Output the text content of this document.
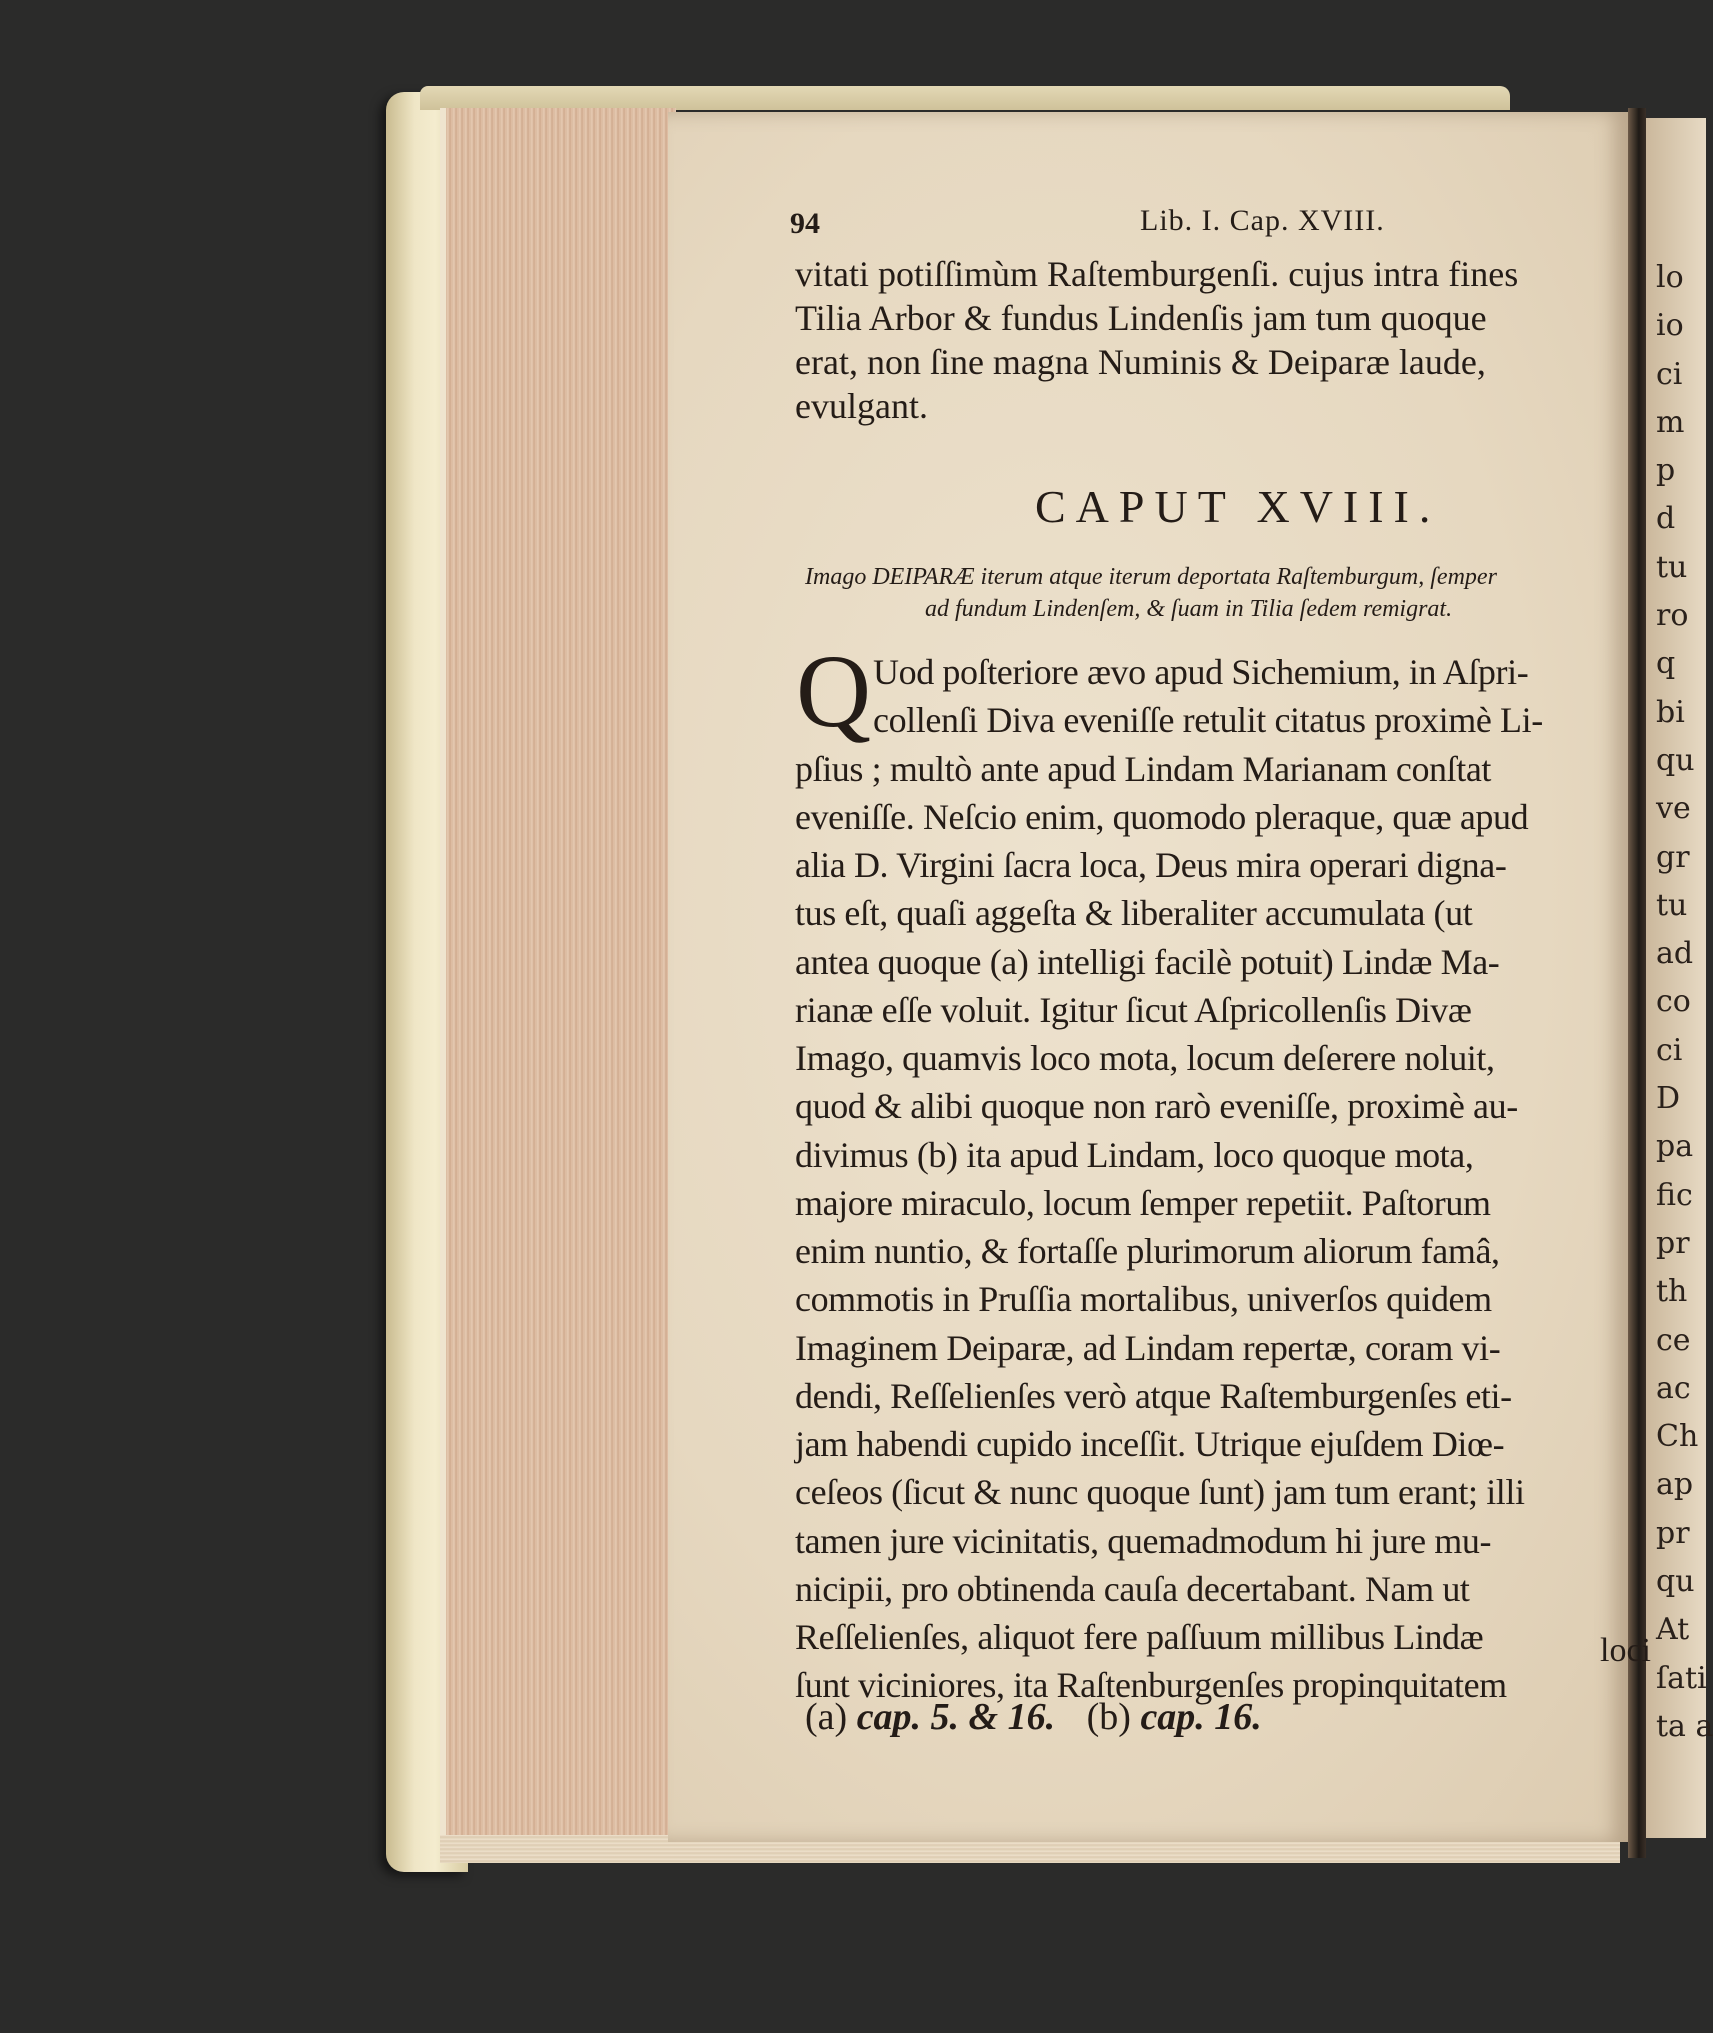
lo
io
ci
m
p
d
tu
ro
q
bi
qu
ve
gr
tu
ad
co
ci
D
pa
fic
pr
th
ce
ac
Ch
ap
pr
qu
At
ſati
ta a
94	Lib. I. Cap. XVIII.
vitati potiſſimùm Raſtemburgenſi. cujus intra fines
Tilia Arbor & fundus Lindenſis jam tum quoque
erat, non ſine magna Numinis & Deiparæ laude,
evulgant.
CAPUT XVIII.
Imago DEIPARÆ iterum atque iterum deportata Raſtemburgum, ſemper
ad fundum Lindenſem, & ſuam in Tilia ſedem remigrat.
Q Uod poſteriore ævo apud Sichemium, in Aſpri-
collenſi Diva eveniſſe retulit citatus proximè Li-
pſius ; multò ante apud Lindam Marianam conſtat
eveniſſe. Neſcio enim, quomodo pleraque, quæ apud
alia D. Virgini ſacra loca, Deus mira operari digna-
tus eſt, quaſi aggeſta & liberaliter accumulata (ut
antea quoque (a) intelligi facilè potuit) Lindæ Ma-
rianæ eſſe voluit. Igitur ſicut Aſpricollenſis Divæ
Imago, quamvis loco mota, locum deſerere noluit,
quod & alibi quoque non rarò eveniſſe, proximè au-
divimus (b) ita apud Lindam, loco quoque mota,
majore miraculo, locum ſemper repetiit. Paſtorum
enim nuntio, & fortaſſe plurimorum aliorum famâ,
commotis in Pruſſia mortalibus, univerſos quidem
Imaginem Deiparæ, ad Lindam repertæ, coram vi-
dendi, Reſſelienſes verò atque Raſtemburgenſes eti-
jam habendi cupido inceſſit. Utrique ejuſdem Diœ-
ceſeos (ſicut & nunc quoque ſunt) jam tum erant; illi
tamen jure vicinitatis, quemadmodum hi jure mu-
nicipii, pro obtinenda cauſa decertabant. Nam ut
Reſſelienſes, aliquot fere paſſuum millibus Lindæ
ſunt viciniores, ita Raſtenburgenſes propinquitatem
loci
(a) cap. 5. & 16. (b) cap. 16.
